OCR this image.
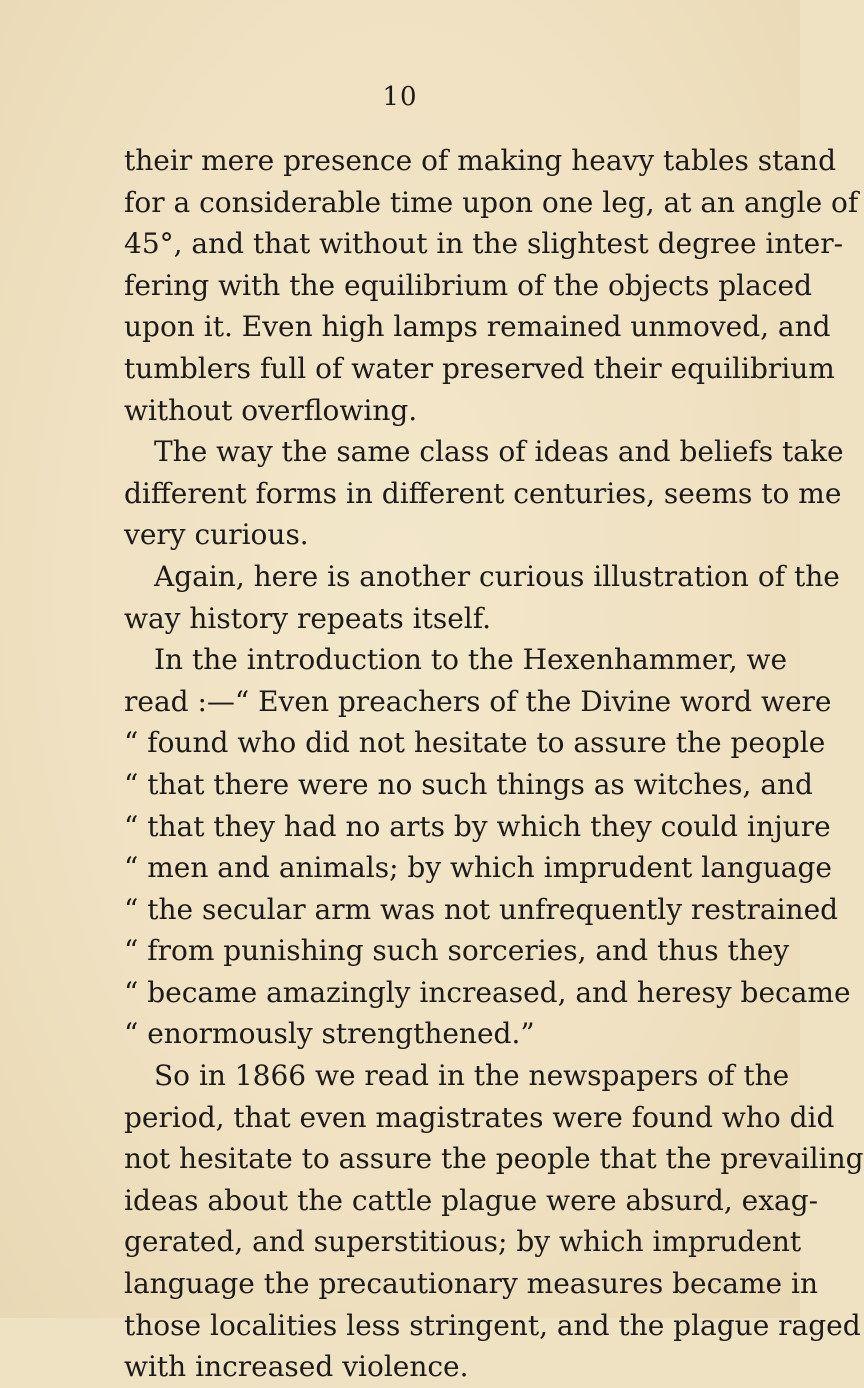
10
their mere presence of making heavy tables stand
for a considerable time upon one leg, at an angle of
45°, and that without in the slightest degree inter-
fering with the equilibrium of the objects placed
upon it. Even high lamps remained unmoved, and
tumblers full of water preserved their equilibrium
without overflowing.
The way the same class of ideas and beliefs take
different forms in different centuries, seems to me
very curious.
Again, here is another curious illustration of the
way history repeats itself.
In the introduction to the Hexenhammer, we
read :—“ Even preachers of the Divine word were
“ found who did not hesitate to assure the people
“ that there were no such things as witches, and
“ that they had no arts by which they could injure
“ men and animals; by which imprudent language
“ the secular arm was not unfrequently restrained
“ from punishing such sorceries, and thus they
“ became amazingly increased, and heresy became
“ enormously strengthened.”
So in 1866 we read in the newspapers of the
period, that even magistrates were found who did
not hesitate to assure the people that the prevailing
ideas about the cattle plague were absurd, exag-
gerated, and superstitious; by which imprudent
language the precautionary measures became in
those localities less stringent, and the plague raged
with increased violence.
